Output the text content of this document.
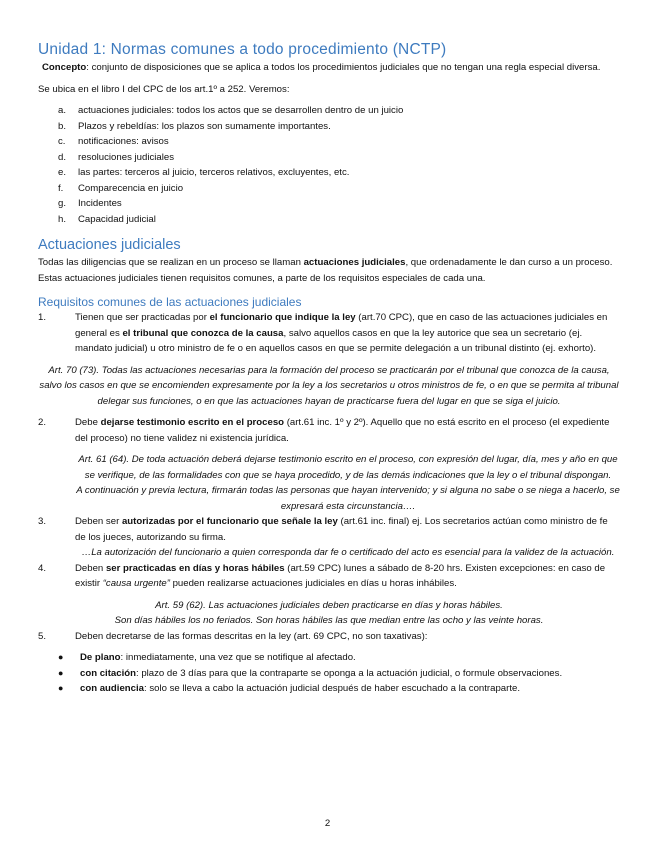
Unidad 1: Normas comunes a todo procedimiento (NCTP)

Concepto: conjunto de disposiciones que se aplica a todos los procedimientos judiciales que no tengan una regla especial diversa.

Se ubica en el libro I del CPC de los art.1º a 252. Veremos:

a.	actuaciones judiciales: todos los actos que se desarrollen dentro de un juicio
b.	Plazos y rebeldías: los plazos son sumamente importantes.
c.	notificaciones: avisos
d.	resoluciones judiciales
e.	las partes: terceros al juicio, terceros relativos, excluyentes, etc.
f.	Comparecencia en juicio
g.	Incidentes
h.	Capacidad judicial
Actuaciones judiciales

Todas las diligencias que se realizan en un proceso se llaman actuaciones judiciales, que ordenadamente le dan curso a un proceso. Estas actuaciones judiciales tienen requisitos comunes, a parte de los requisitos especiales de cada una.

Requisitos comunes de las actuaciones judiciales
1.	Tienen que ser practicadas por el funcionario que indique la ley (art.70 CPC), que en caso de las actuaciones judiciales en general es el tribunal que conozca de la causa, salvo aquellos casos en que la ley autorice que sea un secretario (ej. mandato judicial) u otro ministro de fe o en aquellos casos en que se permite delegación a un tribunal distinto (ej. exhorto).

Art. 70 (73). Todas las actuaciones necesarias para la formación del proceso se practicarán por el tribunal que conozca de la causa, salvo los casos en que se encomienden expresamente por la ley a los secretarios u otros ministros de fe, o en que se permita al tribunal delegar sus funciones, o en que las actuaciones hayan de practicarse fuera del lugar en que se siga el juicio.

2.	Debe dejarse testimonio escrito en el proceso (art.61 inc. 1º y 2º). Aquello que no está escrito en el proceso (el expediente del proceso) no tiene validez ni existencia jurídica.

Art. 61 (64). De toda actuación deberá dejarse testimonio escrito en el proceso, con expresión del lugar, día, mes y año en que se verifique, de las formalidades con que se haya procedido, y de las demás indicaciones que la ley o el tribunal dispongan.

A continuación y previa lectura, firmarán todas las personas que hayan intervenido; y si alguna no sabe o se niega a hacerlo, se expresará esta circunstancia….

3.	Deben ser autorizadas por el funcionario que señale la ley (art.61 inc. final) ej. Los secretarios actúan como ministro de fe de los jueces, autorizando su firma.

…La autorización del funcionario a quien corresponda dar fe o certificado del acto es esencial para la validez de la actuación.

4.	Deben ser practicadas en días y horas hábiles (art.59 CPC) lunes a sábado de 8-20 hrs. Existen excepciones: en caso de existir “causa urgente” pueden realizarse actuaciones judiciales en días u horas inhábiles.

Art. 59 (62). Las actuaciones judiciales deben practicarse en días y horas hábiles.

Son días hábiles los no feriados. Son horas hábiles las que median entre las ocho y las veinte horas.

5.	Deben decretarse de las formas descritas en la ley (art. 69 CPC, no son taxativas):
●	De plano: inmediatamente, una vez que se notifique al afectado.
●	con citación: plazo de 3 días para que la contraparte se oponga a la actuación judicial, o formule observaciones.
●	con audiencia: solo se lleva a cabo la actuación judicial después de haber escuchado a la contraparte.
2
